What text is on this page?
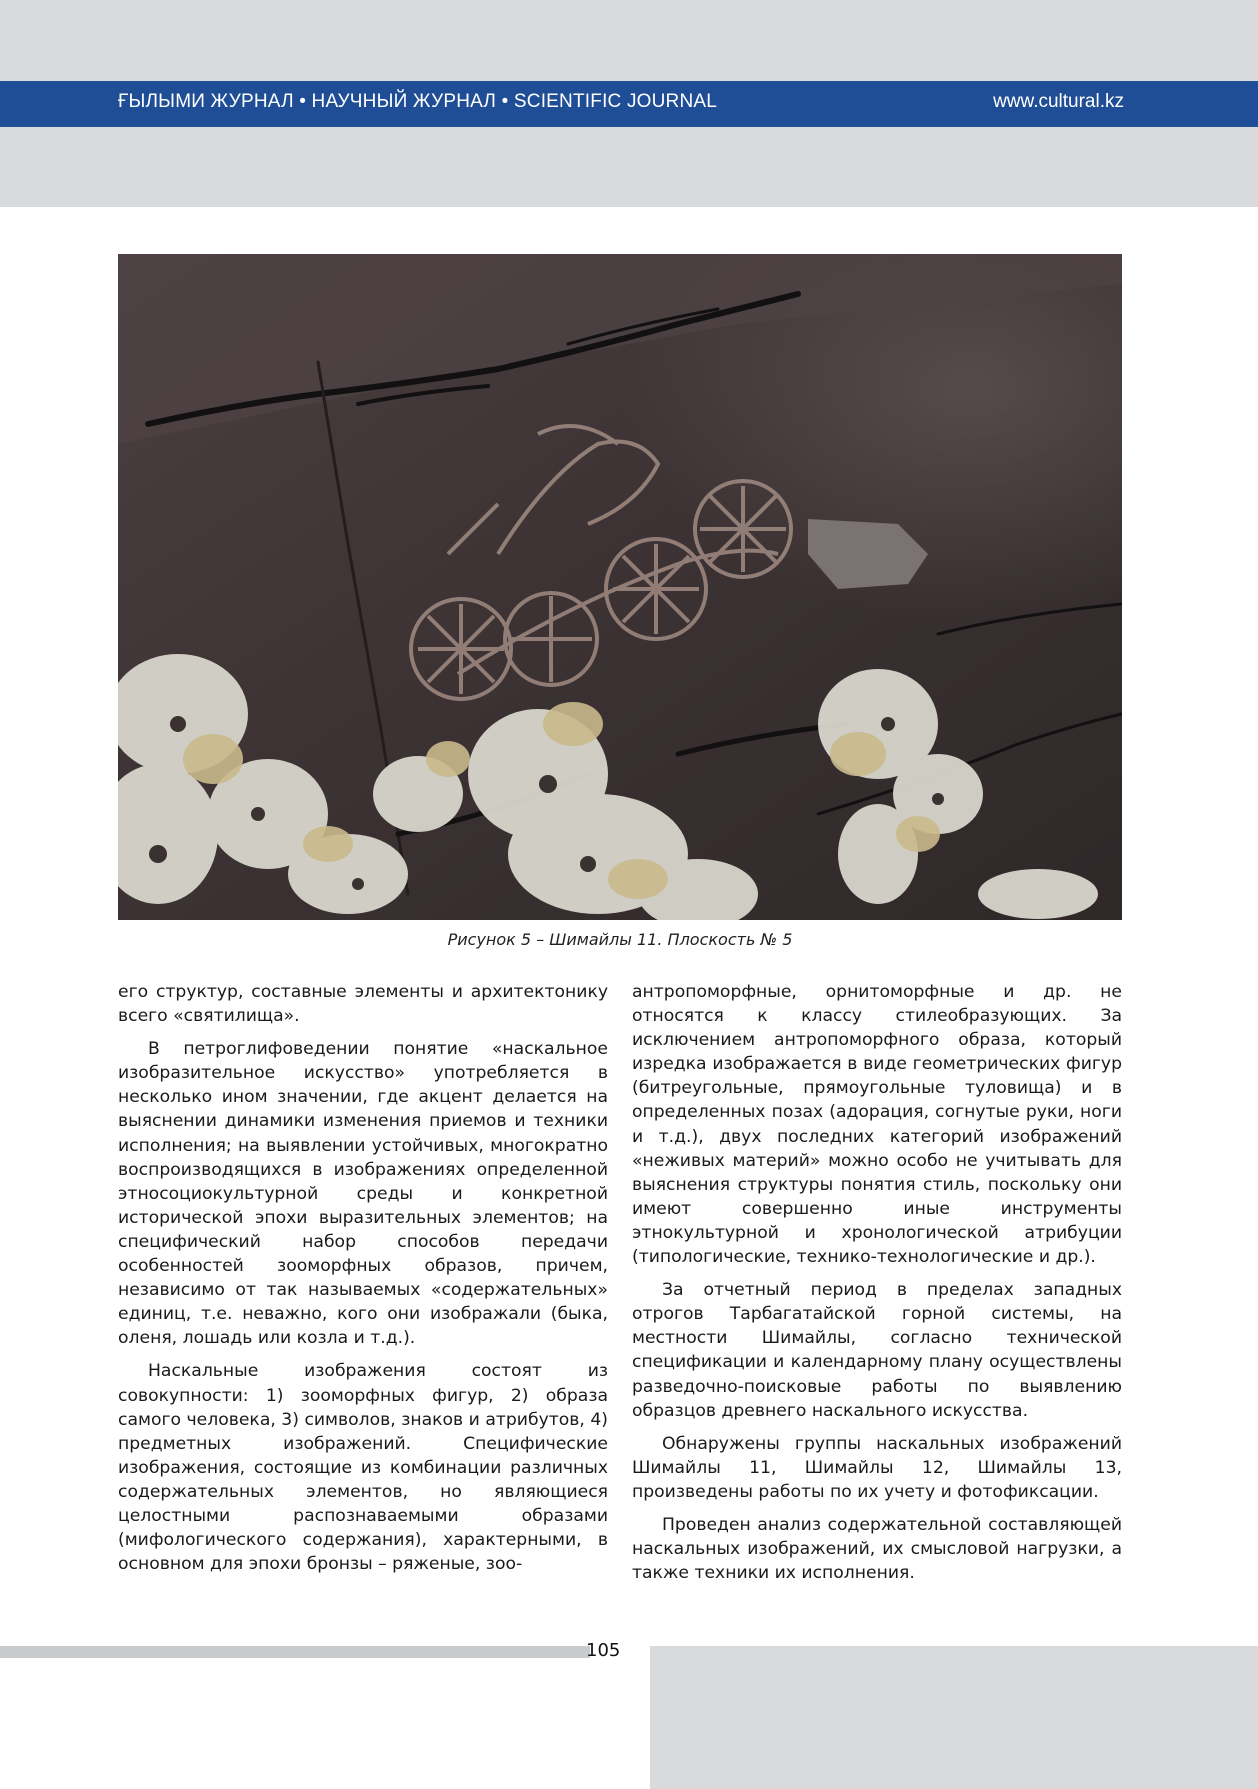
ҒЫЛЫМИ ЖУРНАЛ • НАУЧНЫЙ ЖУРНАЛ • SCIENTIFIC JOURNAL	www.cultural.kz
Рисунок 5 – Шимайлы 11. Плоскость № 5

его структур, составные элементы и архитектонику всего «святилища».

В петроглифоведении понятие «наскальное изобразительное искусство» употребляется в несколько ином значении, где акцент делается на выяснении динамики изменения приемов и техники исполнения; на выявлении устойчивых, многократно воспроизводящихся в изображениях определенной этносоциокультурной среды и конкретной исторической эпохи выразительных элементов; на специфический набор способов передачи особенностей зооморфных образов, причем, независимо от так называемых «содержательных» единиц, т.е. неважно, кого они изображали (быка, оленя, лошадь или козла и т.д.).

Наскальные изображения состоят из совокупности: 1) зооморфных фигур, 2) образа самого человека, 3) символов, знаков и атрибутов, 4) предметных изображений. Специфические изображения, состоящие из комбинации различных содержательных элементов, но являющиеся целостными распознаваемыми образами (мифологического содержания), характерными, в основном для эпохи бронзы – ряженые, зоо-

антропоморфные, орнитоморфные и др. не относятся к классу стилеобразующих. За исключением антропоморфного образа, который изредка изображается в виде геометрических фигур (битреугольные, прямоугольные туловища) и в определенных позах (адорация, согнутые руки, ноги и т.д.), двух последних категорий изображений «неживых материй» можно особо не учитывать для выяснения структуры понятия стиль, поскольку они имеют совершенно иные инструменты этнокультурной и хронологической атрибуции (типологические, технико-технологические и др.).

За отчетный период в пределах западных отрогов Тарбагатайской горной системы, на местности Шимайлы, согласно технической спецификации и календарному плану осуществлены разведочно-поисковые работы по выявлению образцов древнего наскального искусства.

Обнаружены группы наскальных изображений Шимайлы 11, Шимайлы 12, Шимайлы 13, произведены работы по их учету и фотофиксации.

Проведен анализ содержательной составляющей наскальных изображений, их смысловой нагрузки, а также техники их исполнения.

105
